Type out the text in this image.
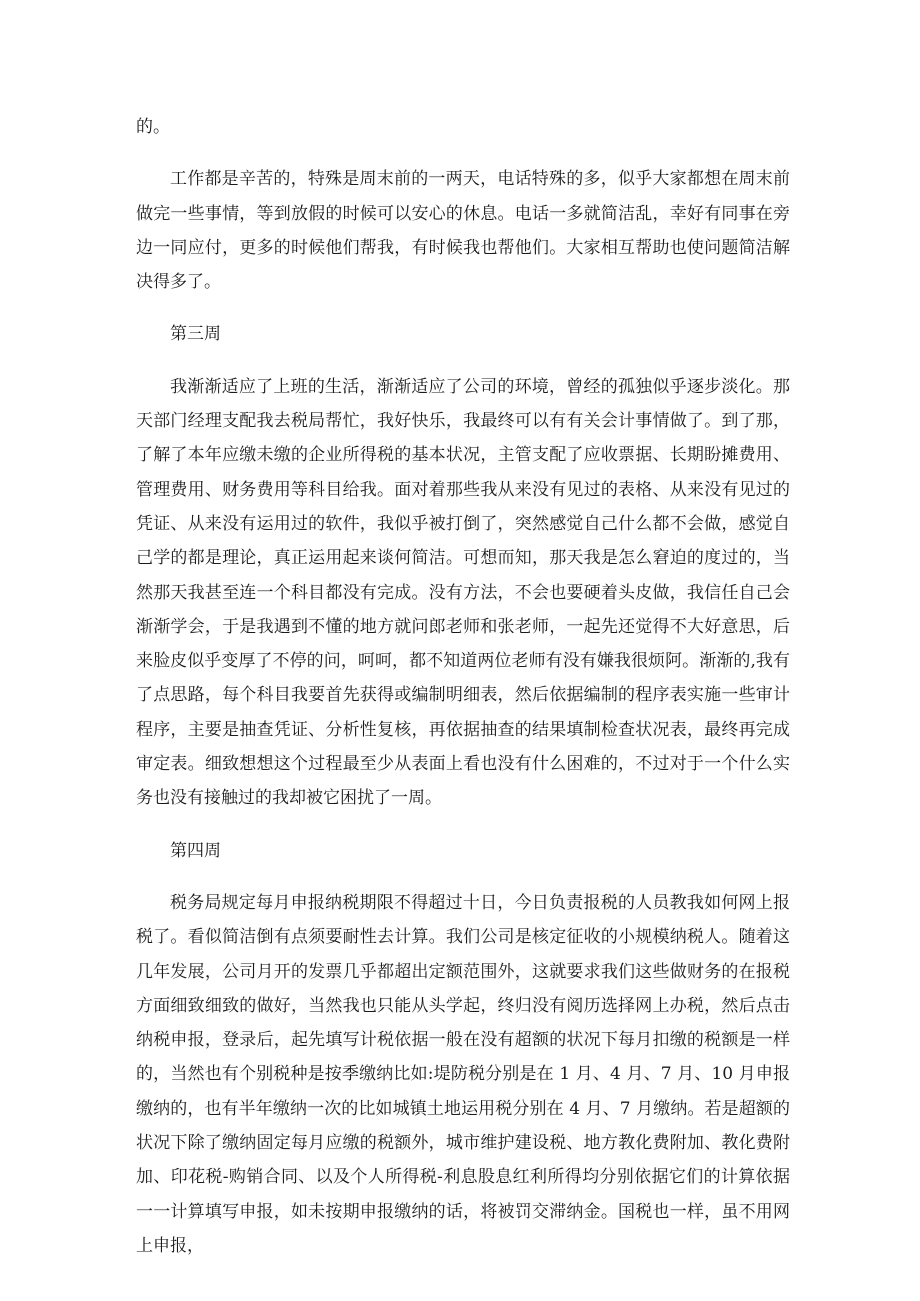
的。

工作都是辛苦的，特殊是周末前的一两天，电话特殊的多，似乎大家都想在周末前做完一些事情，等到放假的时候可以安心的休息。电话一多就简洁乱，幸好有同事在旁边一同应付，更多的时候他们帮我，有时候我也帮他们。大家相互帮助也使问题简洁解决得多了。

第三周

我渐渐适应了上班的生活，渐渐适应了公司的环境，曾经的孤独似乎逐步淡化。那天部门经理支配我去税局帮忙，我好快乐，我最终可以有有关会计事情做了。到了那，了解了本年应缴未缴的企业所得税的基本状况，主管支配了应收票据、长期盼摊费用、管理费用、财务费用等科目给我。面对着那些我从来没有见过的表格、从来没有见过的凭证、从来没有运用过的软件，我似乎被打倒了，突然感觉自己什么都不会做，感觉自己学的都是理论，真正运用起来谈何简洁。可想而知，那天我是怎么窘迫的度过的，当然那天我甚至连一个科目都没有完成。没有方法，不会也要硬着头皮做，我信任自己会渐渐学会，于是我遇到不懂的地方就问郎老师和张老师，一起先还觉得不大好意思，后来脸皮似乎变厚了不停的问，呵呵，都不知道两位老师有没有嫌我很烦阿。渐渐的,我有了点思路，每个科目我要首先获得或编制明细表，然后依据编制的程序表实施一些审计程序，主要是抽查凭证、分析性复核，再依据抽查的结果填制检查状况表，最终再完成审定表。细致想想这个过程最至少从表面上看也没有什么困难的，不过对于一个什么实务也没有接触过的我却被它困扰了一周。

第四周

税务局规定每月申报纳税期限不得超过十日，今日负责报税的人员教我如何网上报税了。看似简洁倒有点须要耐性去计算。我们公司是核定征收的小规模纳税人。随着这几年发展，公司月开的发票几乎都超出定额范围外，这就要求我们这些做财务的在报税方面细致细致的做好，当然我也只能从头学起，终归没有阅历选择网上办税，然后点击纳税申报，登录后，起先填写计税依据一般在没有超额的状况下每月扣缴的税额是一样的，当然也有个别税种是按季缴纳比如:堤防税分别是在 1 月、4 月、7 月、10 月申报缴纳的，也有半年缴纳一次的比如城镇土地运用税分别在 4 月、7 月缴纳。若是超额的状况下除了缴纳固定每月应缴的税额外，城市维护建设税、地方教化费附加、教化费附加、印花税-购销合同、以及个人所得税-利息股息红利所得均分别依据它们的计算依据一一计算填写申报，如未按期申报缴纳的话，将被罚交滞纳金。国税也一样，虽不用网上申报，
